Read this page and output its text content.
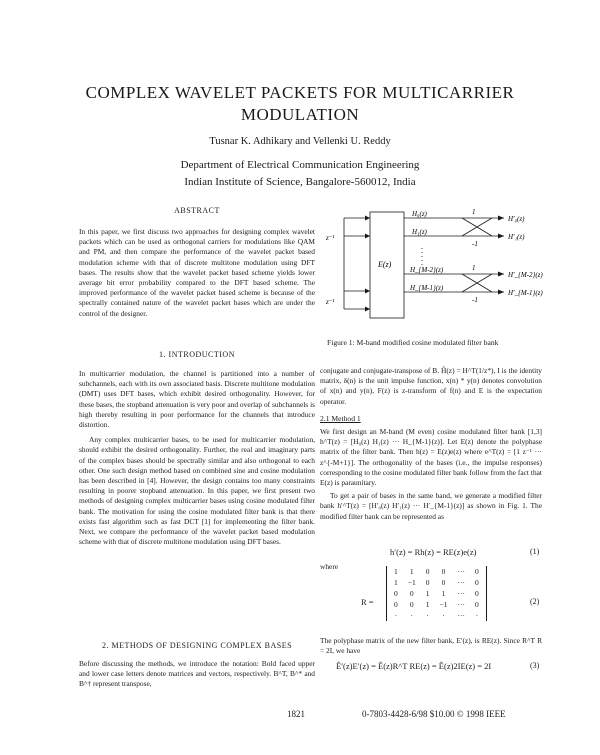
COMPLEX WAVELET PACKETS FOR MULTICARRIER
MODULATION
Tusnar K. Adhikary and Vellenki U. Reddy
Department of Electrical Communication Engineering
Indian Institute of Science, Bangalore-560012, India
ABSTRACT

In this paper, we first discuss two approaches for designing complex wavelet packets which can be used as orthogonal carriers for modulations like QAM and PM, and then compare the performance of the wavelet packet based modulation scheme with that of discrete multitone modulation using DFT bases. The results show that the wavelet packet based scheme yields lower average bit error probability compared to the DFT based scheme. The improved performance of the wavelet packet based scheme is because of the spectrally contained nature of the wavelet packet bases which are under the control of the designer.

1. INTRODUCTION

In multicarrier modulation, the channel is partitioned into a number of subchannels, each with its own associated basis. Discrete multitone modulation (DMT) uses DFT bases, which exhibit desired orthogonality. However, for these bases, the stopband attenuation is very poor and overlap of subchannels is high thereby resulting in poor performance for the channels that introduce distortion.

Any complex multicarrier bases, to be used for multicarrier modulation, should exhibit the desired orthogonality. Further, the real and imaginary parts of the complex bases should be spectrally similar and also orthogonal to each other. One such design method based on combined sine and cosine modulation has been described in [4]. However, the design contains too many constraints resulting in poorer stopband attenuation. In this paper, we first present two methods of designing complex multicarrier bases using cosine modulated filter bank. The motivation for using the cosine modulated filter bank is that there exists fast algorithm such as fast DCT [1] for implementing the filter bank. Next, we compare the performance of the wavelet packet based modulation scheme with that of discrete multitone modulation using DFT bases.

2. METHODS OF DESIGNING COMPLEX BASES

Before discussing the methods, we introduce the notation: Bold faced upper and lower case letters denote matrices and vectors, respectively. B^T, B^* and B^† represent transpose,

z⁻¹
z⁻¹
E(z)
H₀(z)
H₁(z)
H_{M-2}(z)
H_{M-1}(z)
H′₀(z)
H′₁(z)
H′_{M-2}(z)
H′_{M-1}(z)
1
-1
1
-1
Figure 1: M-band modified cosine modulated filter bank

conjugate and conjugate-transpose of B. Ĥ(z) = H^T(1/z*), I is the identity matrix, δ(n) is the unit impulse function, x(n) * y(n) denotes convolution of x(n) and y(n), F(z) is z-transform of f(n) and E is the expectation operator.

2.1 Method 1

We first design an M-band (M even) cosine modulated filter bank [1,3] h^T(z) = [H₀(z) H₁(z) ··· H_{M-1}(z)]. Let E(z) denote the polyphase matrix of the filter bank. Then h(z) = E(z)e(z) where e^T(z) = [1 z⁻¹ ··· z^{-M+1}]. The orthogonality of the bases (i.e., the impulse responses) corresponding to the cosine modulated filter bank follow from the fact that E(z) is paraunitary.

To get a pair of bases in the same band, we generate a modified filter bank h′^T(z) = [H′₀(z) H′₁(z) ··· H′_{M-1}(z)] as shown in Fig. 1. The modified filter bank can be represented as

h′(z) = Rh(z) = RE(z)e(z)	(1)
where
R =
1	1	0	0	···	0
1	−1	0	0	···	0
0	0	1	1	···	0
0	0	1	−1	···	0
·	·	·	·	···	·
(2)
The polyphase matrix of the new filter bank, E′(z), is RE(z). Since R^T R = 2I, we have
Ê′(z)E′(z) = Ê(z)R^T RE(z) = Ê(z)2IE(z) = 2I	(3)
1821	0-7803-4428-6/98 $10.00 © 1998 IEEE
